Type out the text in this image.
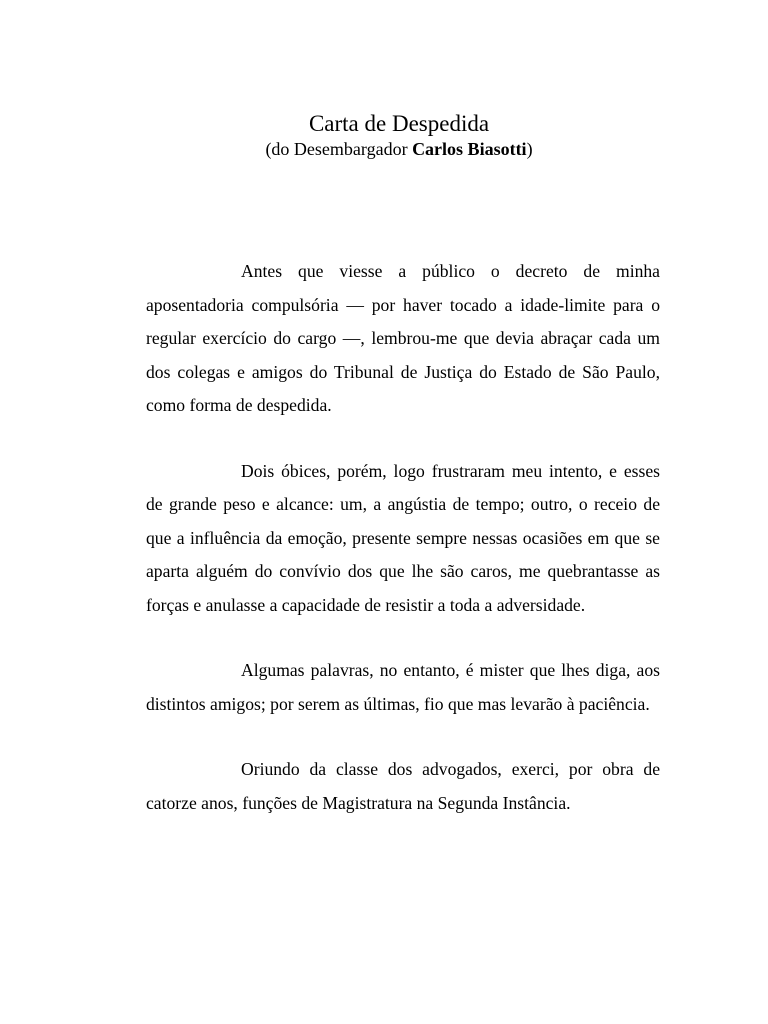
Carta de Despedida

(do Desembargador Carlos Biasotti)

Antes que viesse a público o decreto de minha aposentadoria compulsória — por haver tocado a idade-limite para o regular exercício do cargo —, lembrou-me que devia abraçar cada um dos colegas e amigos do Tribunal de Justiça do Estado de São Paulo, como forma de despedida.

Dois óbices, porém, logo frustraram meu intento, e esses de grande peso e alcance: um, a angústia de tempo; outro, o receio de que a influência da emoção, presente sempre nessas ocasiões em que se aparta alguém do convívio dos que lhe são caros, me quebrantasse as forças e anulasse a capacidade de resistir a toda a adversidade.

Algumas palavras, no entanto, é mister que lhes diga, aos distintos amigos; por serem as últimas, fio que mas levarão à paciência.

Oriundo da classe dos advogados, exerci, por obra de catorze anos, funções de Magistratura na Segunda Instância.
